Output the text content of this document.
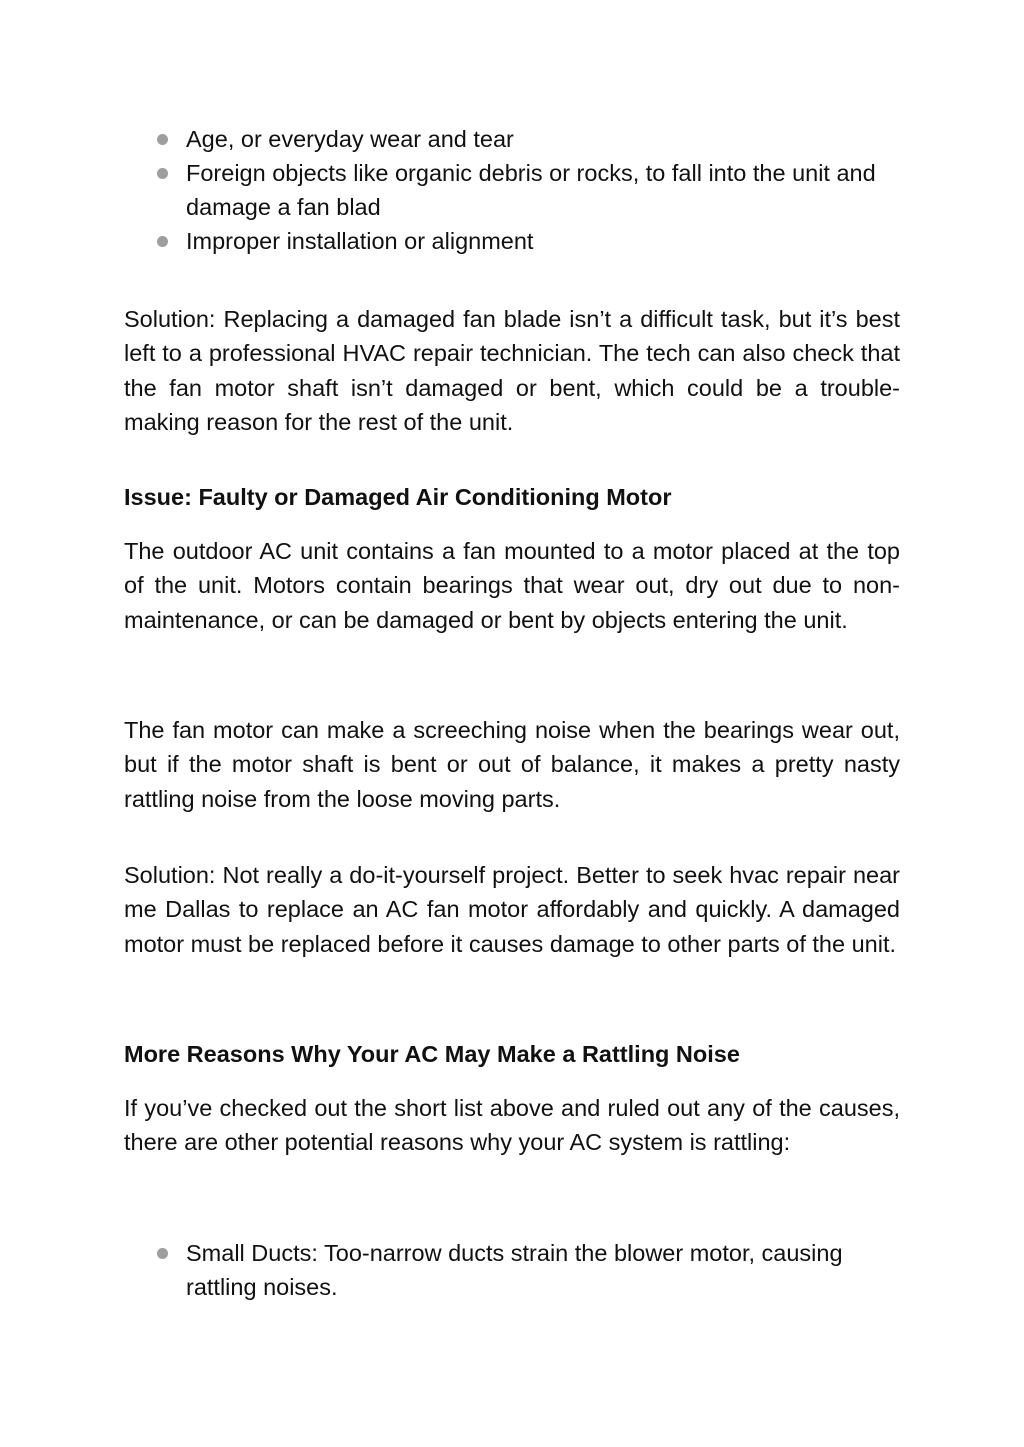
Age, or everyday wear and tear
Foreign objects like organic debris or rocks, to fall into the unit and damage a fan blad
Improper installation or alignment

Solution: Replacing a damaged fan blade isn’t a difficult task, but it’s best left to a professional HVAC repair technician. The tech can also check that the fan motor shaft isn’t damaged or bent, which could be a trouble-making reason for the rest of the unit.

Issue: Faulty or Damaged Air Conditioning Motor

The outdoor AC unit contains a fan mounted to a motor placed at the top of the unit. Motors contain bearings that wear out, dry out due to non-maintenance, or can be damaged or bent by objects entering the unit.

The fan motor can make a screeching noise when the bearings wear out, but if the motor shaft is bent or out of balance, it makes a pretty nasty rattling noise from the loose moving parts.

Solution: Not really a do-it-yourself project. Better to seek hvac repair near me Dallas to replace an AC fan motor affordably and quickly. A damaged motor must be replaced before it causes damage to other parts of the unit.

More Reasons Why Your AC May Make a Rattling Noise

If you’ve checked out the short list above and ruled out any of the causes, there are other potential reasons why your AC system is rattling:

Small Ducts: Too-narrow ducts strain the blower motor, causing rattling noises.
